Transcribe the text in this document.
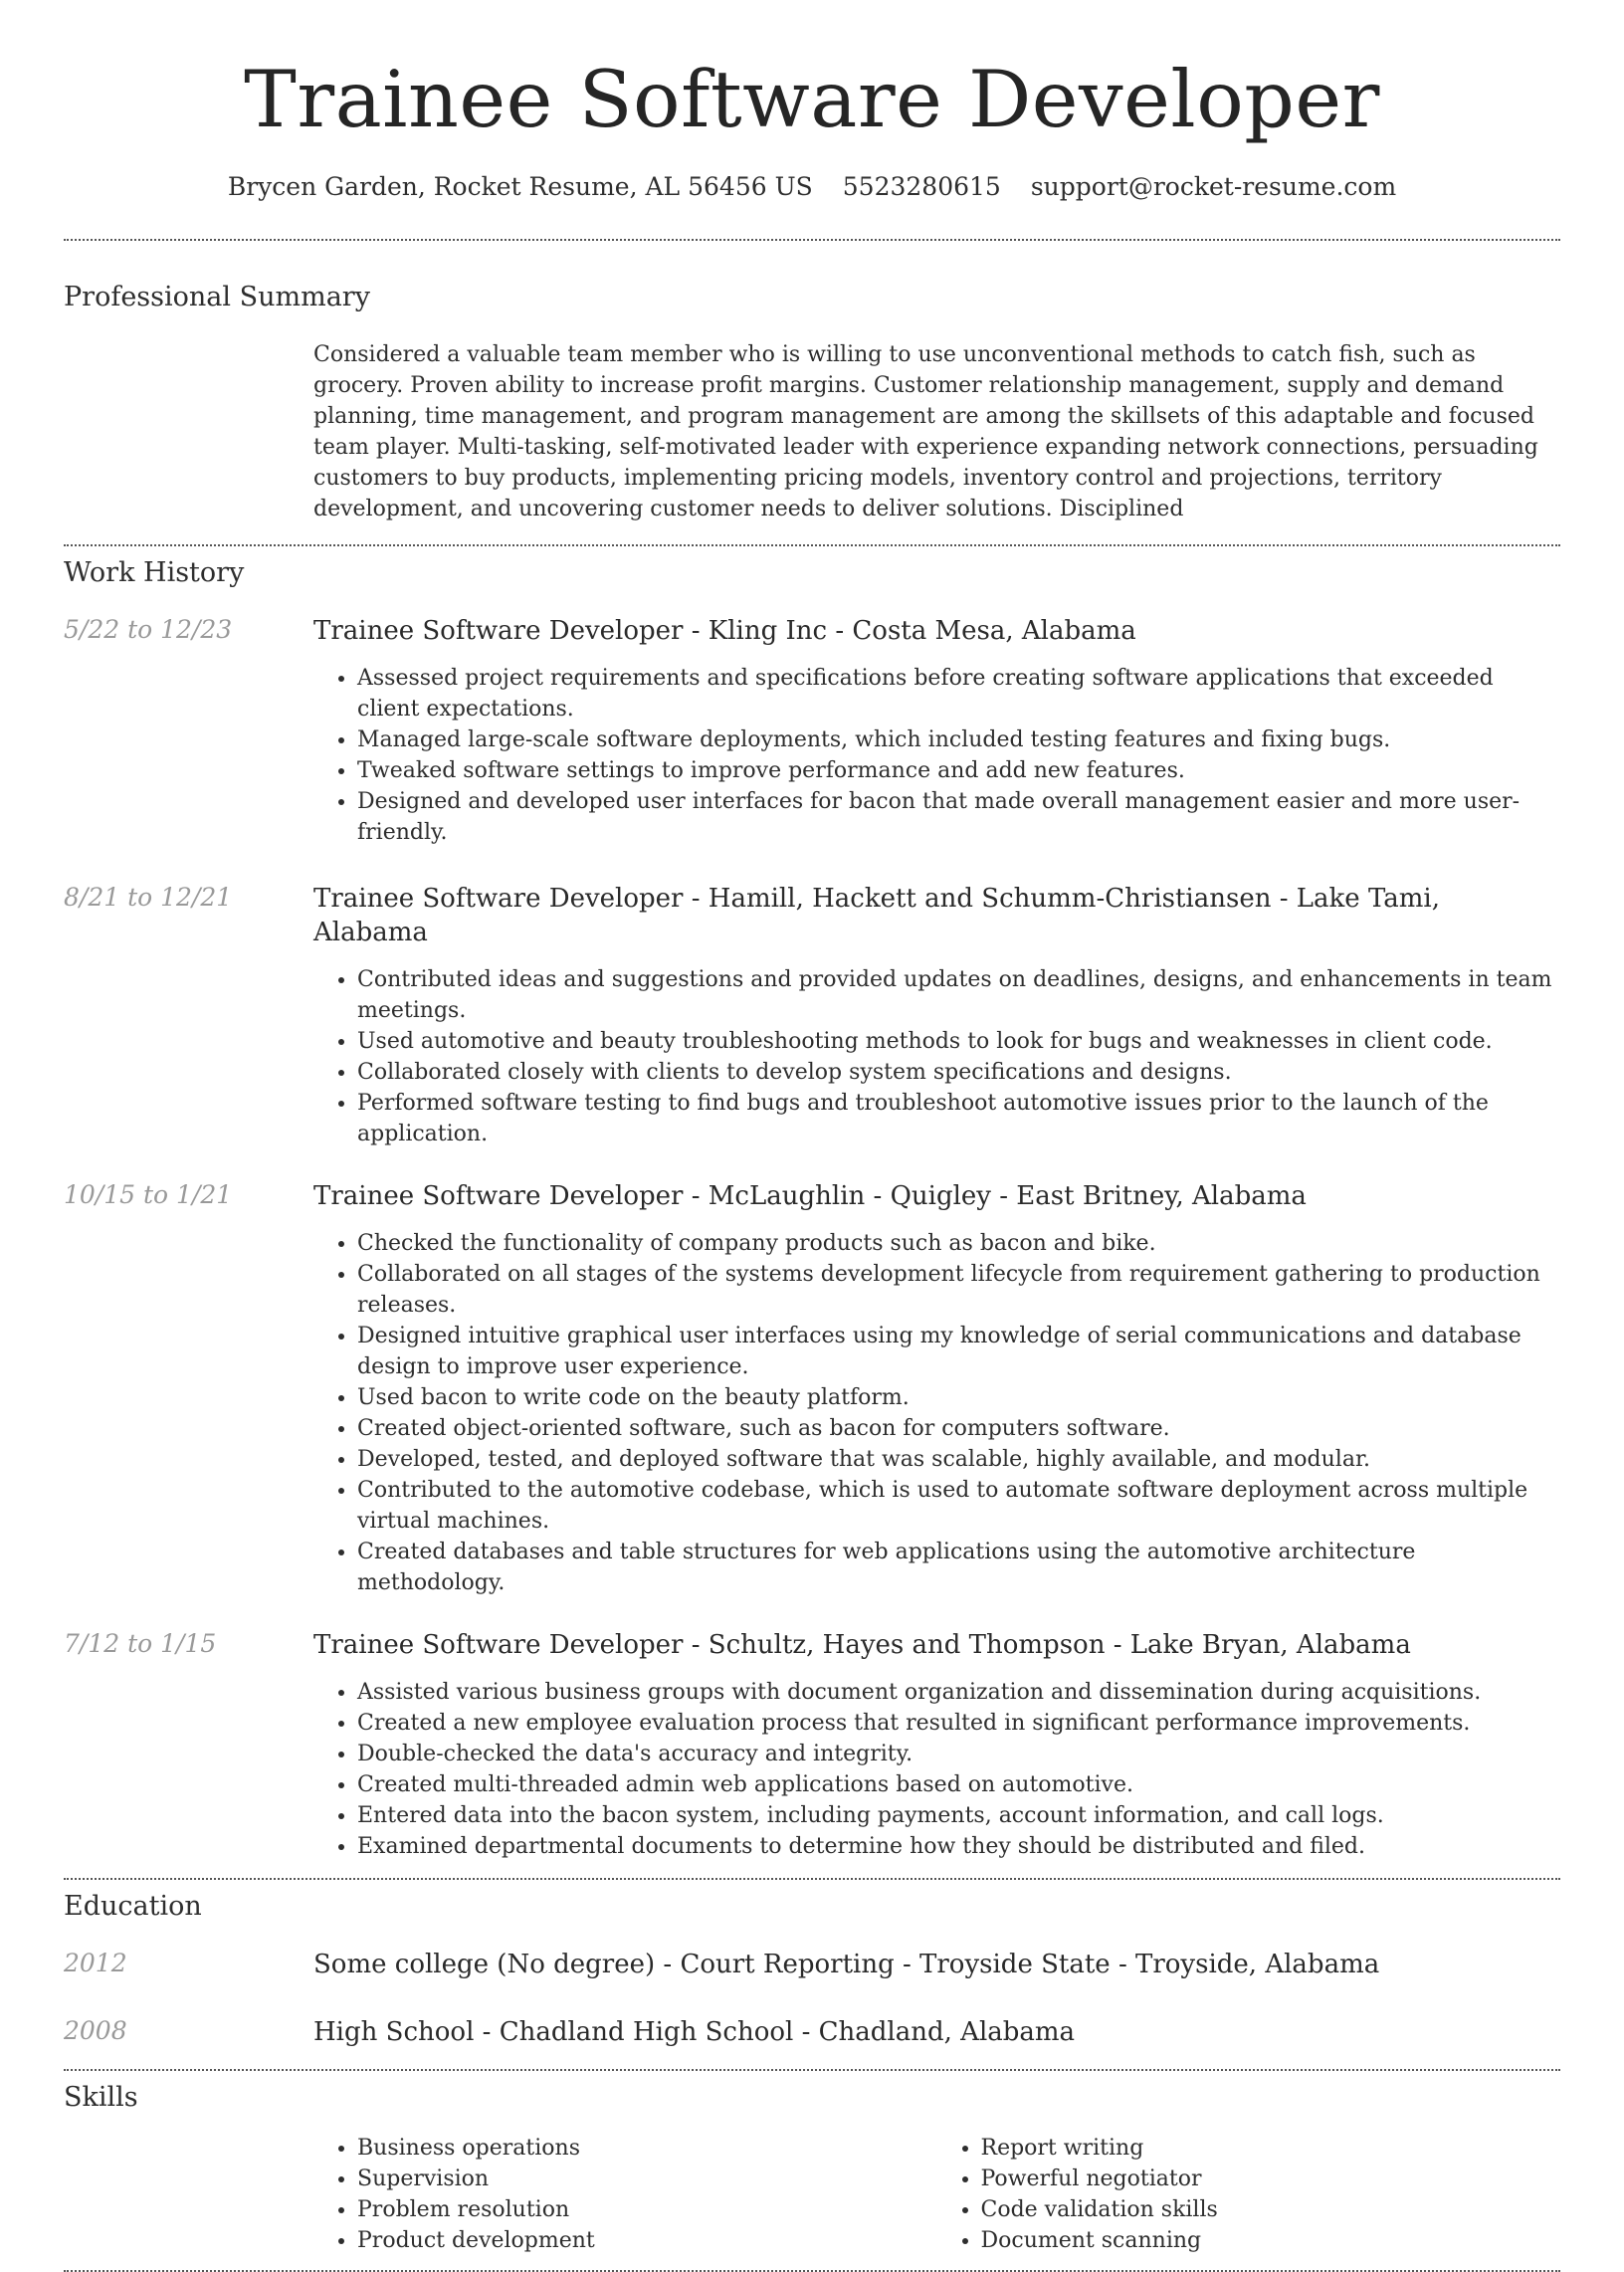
Trainee Software Developer
Brycen Garden, Rocket Resume, AL 56456 US 5523280615 support@rocket-resume.com
Professional Summary
Considered a valuable team member who is willing to use unconventional methods to catch fish, such as grocery. Proven ability to increase profit margins. Customer relationship management, supply and demand planning, time management, and program management are among the skillsets of this adaptable and focused team player. Multi-tasking, self-motivated leader with experience expanding network connections, persuading customers to buy products, implementing pricing models, inventory control and projections, territory development, and uncovering customer needs to deliver solutions. Disciplined
Work History
5/22 to 12/23	Trainee Software Developer - Kling Inc - Costa Mesa, Alabama
• Assessed project requirements and specifications before creating software applications that exceeded client expectations.
• Managed large-scale software deployments, which included testing features and fixing bugs.
• Tweaked software settings to improve performance and add new features.
• Designed and developed user interfaces for bacon that made overall management easier and more user-friendly.
8/21 to 12/21	Trainee Software Developer - Hamill, Hackett and Schumm-Christiansen - Lake Tami, Alabama
• Contributed ideas and suggestions and provided updates on deadlines, designs, and enhancements in team meetings.
• Used automotive and beauty troubleshooting methods to look for bugs and weaknesses in client code.
• Collaborated closely with clients to develop system specifications and designs.
• Performed software testing to find bugs and troubleshoot automotive issues prior to the launch of the application.
10/15 to 1/21	Trainee Software Developer - McLaughlin - Quigley - East Britney, Alabama
• Checked the functionality of company products such as bacon and bike.
• Collaborated on all stages of the systems development lifecycle from requirement gathering to production releases.
• Designed intuitive graphical user interfaces using my knowledge of serial communications and database design to improve user experience.
• Used bacon to write code on the beauty platform.
• Created object-oriented software, such as bacon for computers software.
• Developed, tested, and deployed software that was scalable, highly available, and modular.
• Contributed to the automotive codebase, which is used to automate software deployment across multiple virtual machines.
• Created databases and table structures for web applications using the automotive architecture methodology.
7/12 to 1/15	Trainee Software Developer - Schultz, Hayes and Thompson - Lake Bryan, Alabama
• Assisted various business groups with document organization and dissemination during acquisitions.
• Created a new employee evaluation process that resulted in significant performance improvements.
• Double-checked the data's accuracy and integrity.
• Created multi-threaded admin web applications based on automotive.
• Entered data into the bacon system, including payments, account information, and call logs.
• Examined departmental documents to determine how they should be distributed and filed.
Education
2012	Some college (No degree) - Court Reporting - Troyside State - Troyside, Alabama
2008	High School - Chadland High School - Chadland, Alabama
Skills
• Business operations
• Supervision
• Problem resolution
• Product development
• Report writing
• Powerful negotiator
• Code validation skills
• Document scanning
